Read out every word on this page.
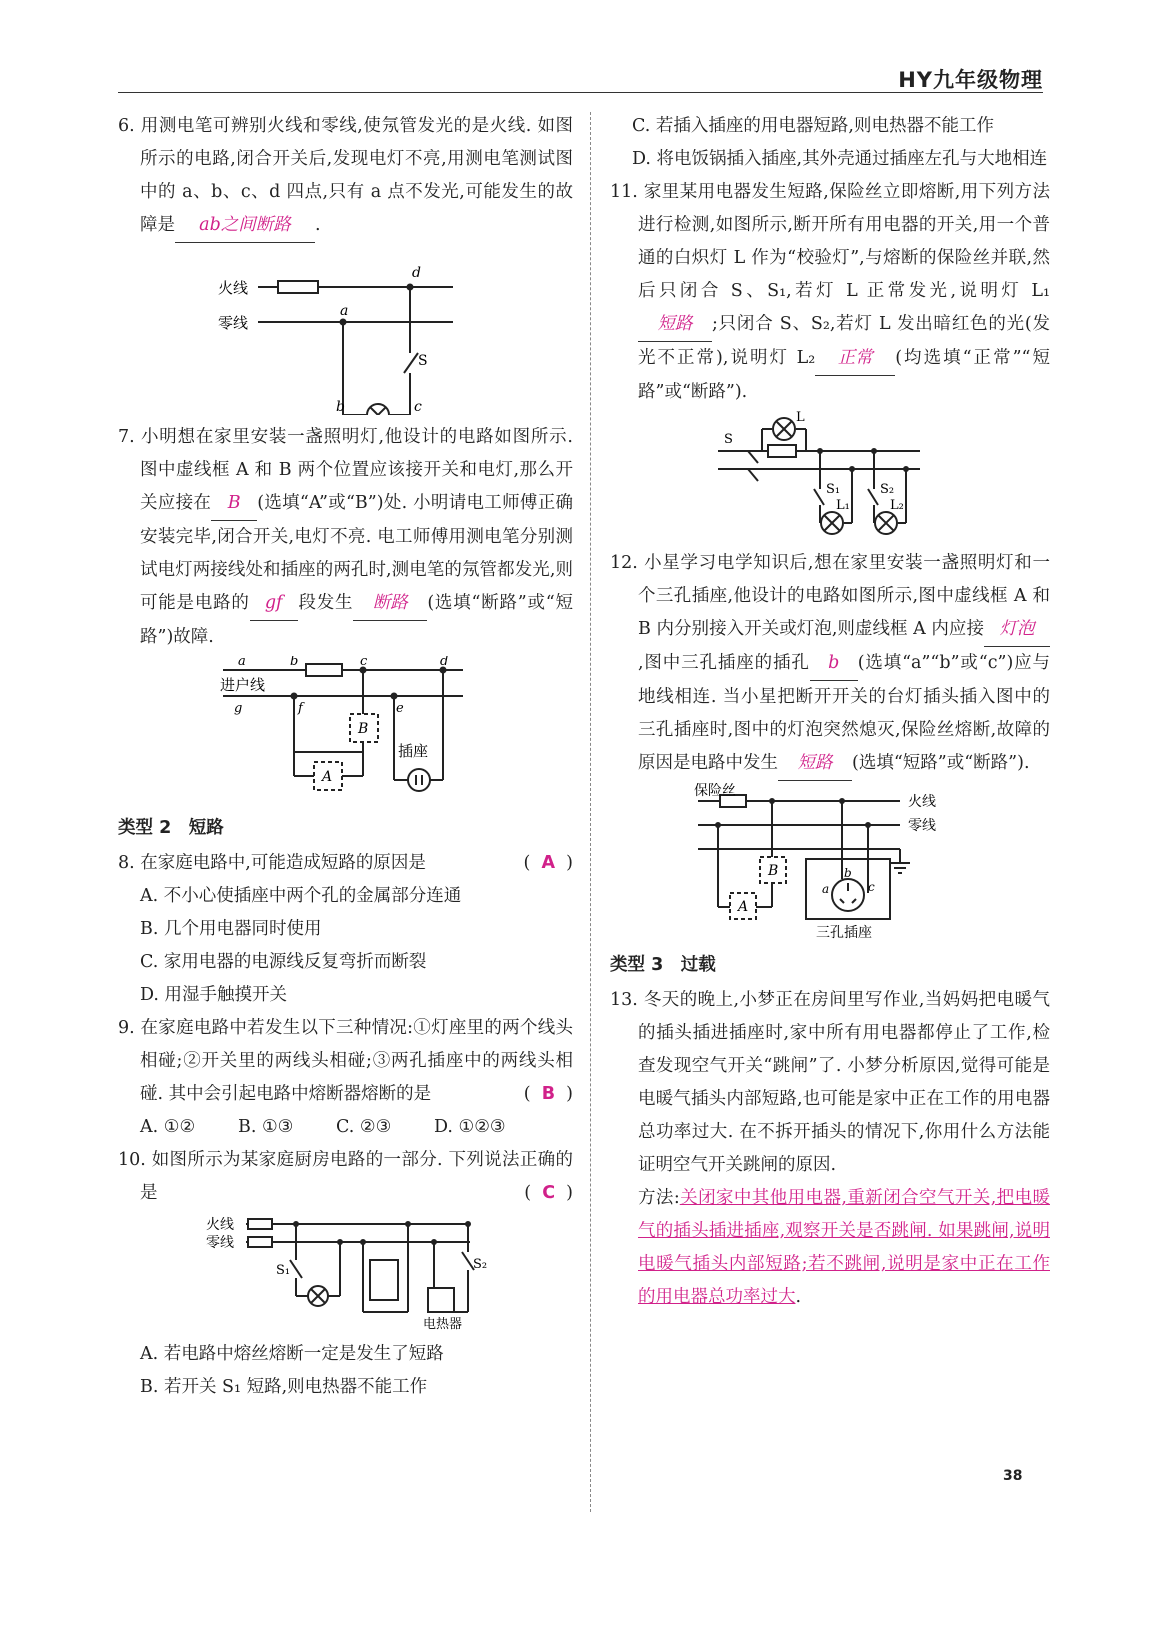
HY九年级物理

6. 用测电笔可辨别火线和零线,使氖管发光的是火线. 如图所示的电路,闭合开关后,发现电灯不亮,用测电笔测试图中的 a、b、c、d 四点,只有 a 点不发光,可能发生的故障是 ab之间断路 .

火线
零线
d
a
S
b	c

7. 小明想在家里安装一盏照明灯,他设计的电路如图所示. 图中虚线框 A 和 B 两个位置应该接开关和电灯,那么开关应接在 B (选填“A”或“B”)处. 小明请电工师傅正确安装完毕,闭合开关,电灯不亮. 电工师傅用测电笔分别测试电灯两接线处和插座的两孔时,测电笔的氖管都发光,则可能是电路的 gf 段发生 断路 (选填“断路”或“短路”)故障.

a	b	c	d
进户线
g	f	e
B
A
插座
类型 2　短路

8. 在家庭电路中,可能造成短路的原因是	(  A  )

A. 不小心使插座中两个孔的金属部分连通

B. 几个用电器同时使用

C. 家用电器的电源线反复弯折而断裂

D. 用湿手触摸开关

9. 在家庭电路中若发生以下三种情况:①灯座里的两个线头相碰;②开关里的两线头相碰;③两孔插座中的两线头相碰. 其中会引起电路中熔断器熔断的是	(  B  )

A. ①② B. ①③ C. ②③ D. ①②③

10. 如图所示为某家庭厨房电路的一部分. 下列说法正确的是	(  C  )

火线
零线
S₁	S₂
电热器

A. 若电路中熔丝熔断一定是发生了短路

B. 若开关 S₁ 短路,则电热器不能工作

C. 若插入插座的用电器短路,则电热器不能工作

D. 将电饭锅插入插座,其外壳通过插座左孔与大地相连

11. 家里某用电器发生短路,保险丝立即熔断,用下列方法进行检测,如图所示,断开所有用电器的开关,用一个普通的白炽灯 L 作为“校验灯”,与熔断的保险丝并联,然后只闭合 S、S₁,若灯 L 正常发光,说明灯 L₁短路 ;只闭合 S、S₂,若灯 L 发出暗红色的光(发光不正常),说明灯 L₂ 正常 (均选填“正常”“短路”或“断路”).

S
L
S₁	S₂
L₁	L₂

12. 小星学习电学知识后,想在家里安装一盏照明灯和一个三孔插座,他设计的电路如图所示,图中虚线框 A 和 B 内分别接入开关或灯泡,则虚线框 A 内应接 灯泡,图中三孔插座的插孔 b (选填“a”“b”或“c”)应与地线相连. 当小星把断开开关的台灯插头插入图中的三孔插座时,图中的灯泡突然熄灭,保险丝熔断,故障的原因是电路中发生 短路 (选填“短路”或“断路”).

保险丝
火线
零线
B
A
a
b
c
三孔插座
类型 3　过载

13. 冬天的晚上,小梦正在房间里写作业,当妈妈把电暖气的插头插进插座时,家中所有用电器都停止了工作,检查发现空气开关“跳闸”了. 小梦分析原因,觉得可能是电暖气插头内部短路,也可能是家中正在工作的用电器总功率过大. 在不拆开插头的情况下,你用什么方法能证明空气开关跳闸的原因.

方法:关闭家中其他用电器,重新闭合空气开关,把电暖气的插头插进插座,观察开关是否跳闸. 如果跳闸,说明电暖气插头内部短路;若不跳闸,说明是家中正在工作的用电器总功率过大.

38
